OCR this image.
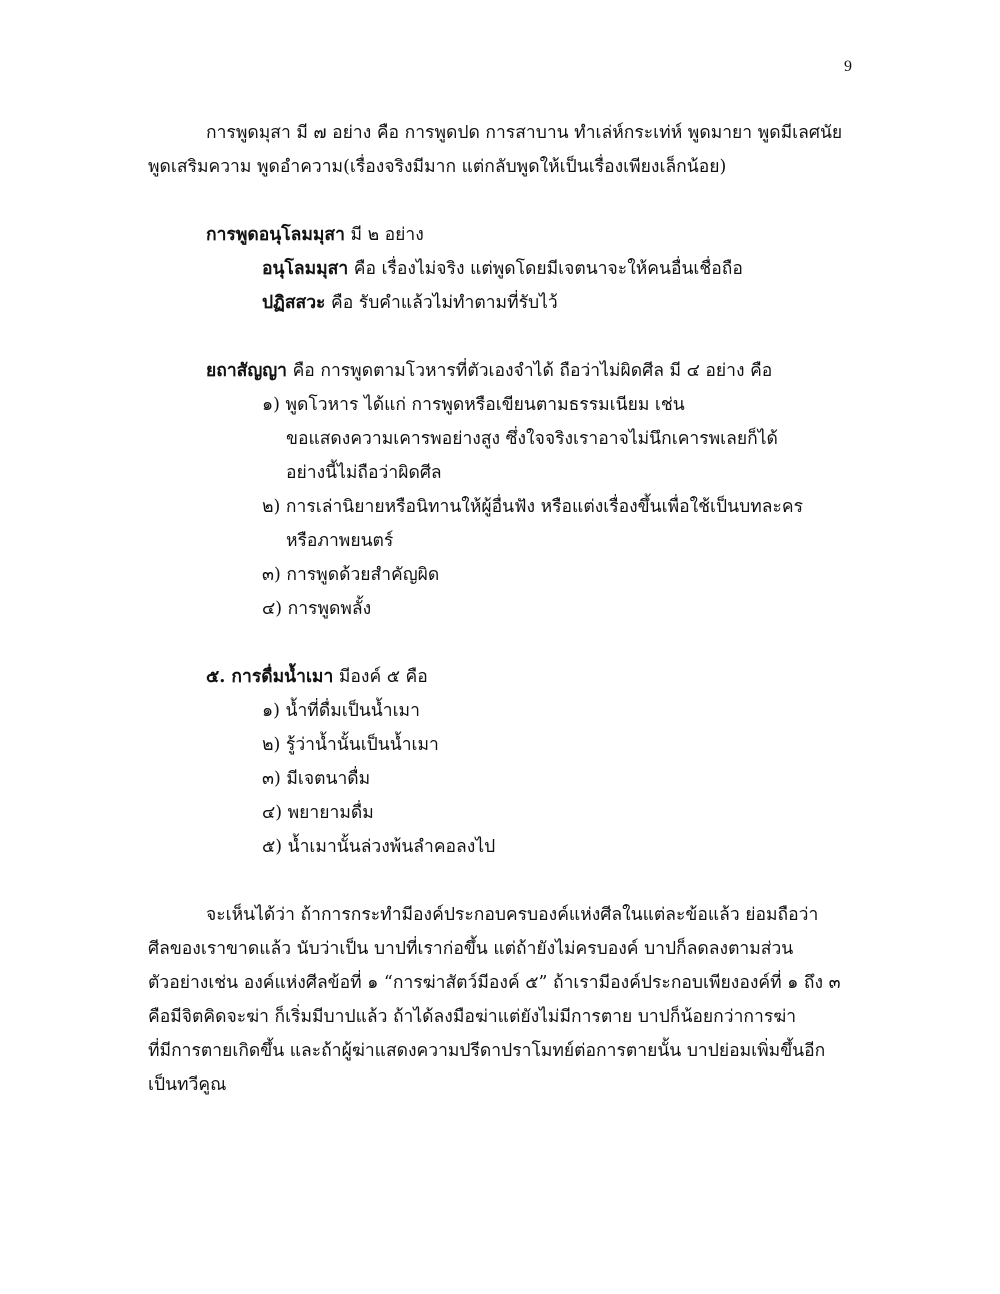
9
การพูดมุสา มี ๗ อย่าง คือ การพูดปด การสาบาน ทำเล่ห์กระเท่ห์ พูดมายา พูดมีเลศนัย
พูดเสริมความ พูดอำความ(เรื่องจริงมีมาก แต่กลับพูดให้เป็นเรื่องเพียงเล็กน้อย)
การพูดอนุโลมมุสา มี ๒ อย่าง
อนุโลมมุสา คือ เรื่องไม่จริง แต่พูดโดยมีเจตนาจะให้คนอื่นเชื่อถือ
ปฏิสสวะ คือ รับคำแล้วไม่ทำตามที่รับไว้
ยถาสัญญา คือ การพูดตามโวหารที่ตัวเองจำได้ ถือว่าไม่ผิดศีล มี ๔ อย่าง คือ
๑) พูดโวหาร ได้แก่ การพูดหรือเขียนตามธรรมเนียม เช่น
ขอแสดงความเคารพอย่างสูง ซึ่งใจจริงเราอาจไม่นึกเคารพเลยก็ได้
อย่างนี้ไม่ถือว่าผิดศีล
๒) การเล่านิยายหรือนิทานให้ผู้อื่นฟัง หรือแต่งเรื่องขึ้นเพื่อใช้เป็นบทละคร
หรือภาพยนตร์
๓) การพูดด้วยสำคัญผิด
๔) การพูดพลั้ง
๕. การดื่มน้ำเมา มีองค์ ๕ คือ
๑) น้ำที่ดื่มเป็นน้ำเมา
๒) รู้ว่าน้ำนั้นเป็นน้ำเมา
๓) มีเจตนาดื่ม
๔) พยายามดื่ม
๕) น้ำเมานั้นล่วงพ้นลำคอลงไป
จะเห็นได้ว่า ถ้าการกระทำมีองค์ประกอบครบองค์แห่งศีลในแต่ละข้อแล้ว ย่อมถือว่า
ศีลของเราขาดแล้ว นับว่าเป็น บาปที่เราก่อขึ้น แต่ถ้ายังไม่ครบองค์ บาปก็ลดลงตามส่วน
ตัวอย่างเช่น องค์แห่งศีลข้อที่ ๑ “การฆ่าสัตว์มีองค์ ๕” ถ้าเรามีองค์ประกอบเพียงองค์ที่ ๑ ถึง ๓
คือมีจิตคิดจะฆ่า ก็เริ่มมีบาปแล้ว ถ้าได้ลงมือฆ่าแต่ยังไม่มีการตาย บาปก็น้อยกว่าการฆ่า
ที่มีการตายเกิดขึ้น และถ้าผู้ฆ่าแสดงความปรีดาปราโมทย์ต่อการตายนั้น บาปย่อมเพิ่มขึ้นอีก
เป็นทวีคูณ
